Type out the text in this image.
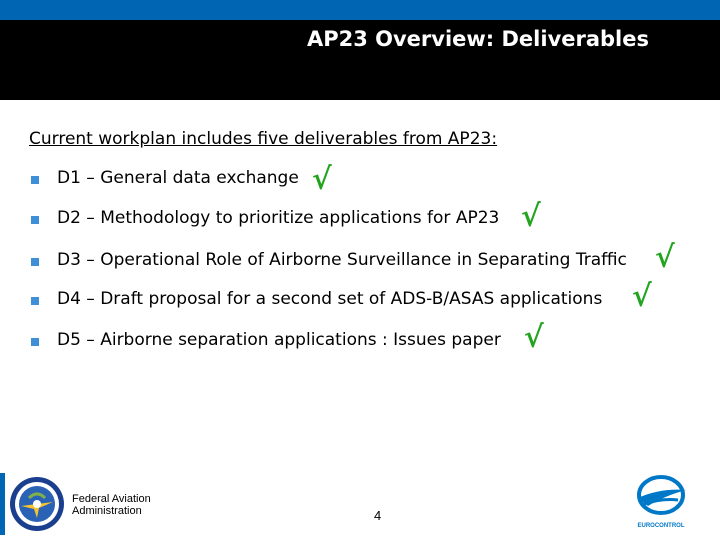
AP23 Overview: Deliverables
Current workplan includes five deliverables from AP23:
D1 – General data exchange √
D2 – Methodology to prioritize applications for AP23 √
D3 – Operational Role of Airborne Surveillance in Separating Traffic √
D4 – Draft proposal for a second set of ADS-B/ASAS applications √
D5 – Airborne separation applications : Issues paper √
Federal Aviation
Administration	4
EUROCONTROL
